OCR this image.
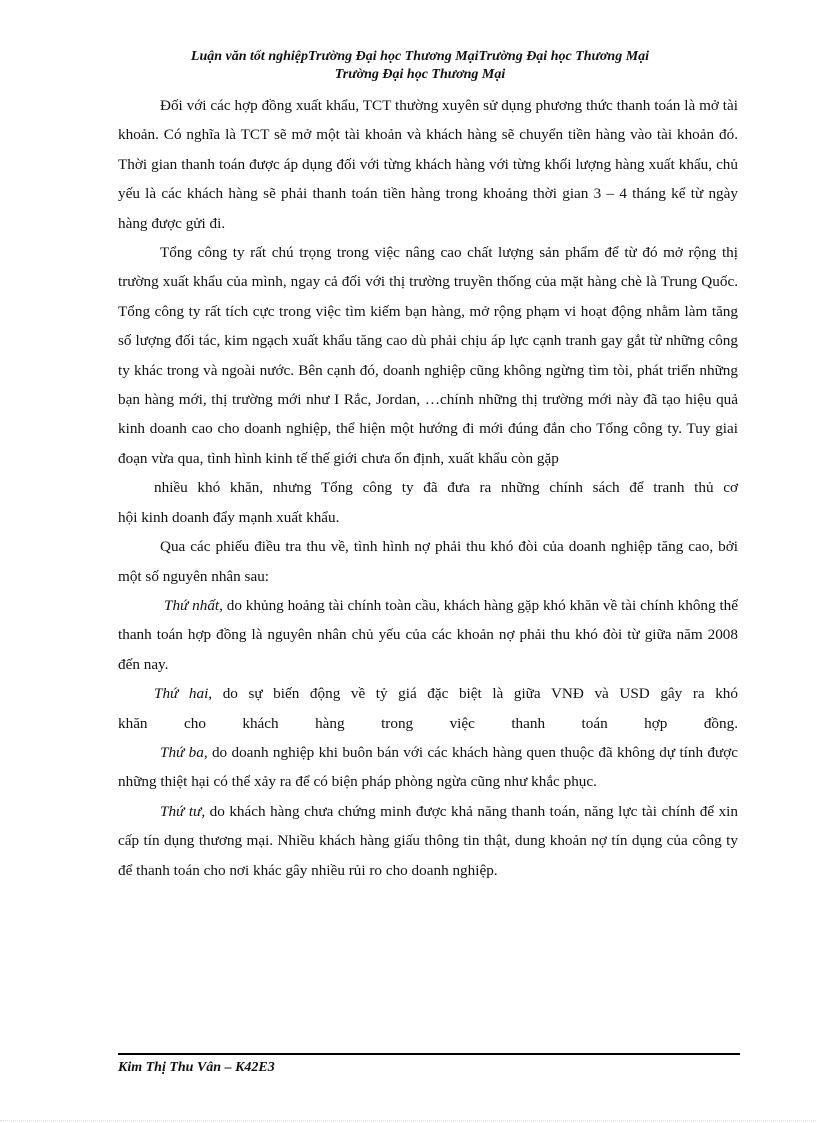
Luận văn tốt nghiệpTrường Đại học Thương MạiTrường Đại học Thương Mại
Trường Đại học Thương Mại

Đối với các hợp đồng xuất khẩu, TCT thường xuyên sử dụng phương thức thanh toán là mở tài khoản. Có nghĩa là TCT sẽ mở một tài khoản và khách hàng sẽ chuyển tiền hàng vào tài khoản đó. Thời gian thanh toán được áp dụng đối với từng khách hàng với từng khối lượng hàng xuất khẩu, chủ yếu là các khách hàng sẽ phải thanh toán tiền hàng trong khoảng thời gian 3 – 4 tháng kể từ ngày hàng được gửi đi.

Tổng công ty rất chú trọng trong việc nâng cao chất lượng sản phẩm để từ đó mở rộng thị trường xuất khẩu của mình, ngay cả đối với thị trường truyền thống của mặt hàng chè là Trung Quốc. Tổng công ty rất tích cực trong việc tìm kiếm bạn hàng, mở rộng phạm vi hoạt động nhằm làm tăng số lượng đối tác, kim ngạch xuất khẩu tăng cao dù phải chịu áp lực cạnh tranh gay gắt từ những công ty khác trong và ngoài nước. Bên cạnh đó, doanh nghiệp cũng không ngừng tìm tòi, phát triển những bạn hàng mới, thị trường mới như I Rắc, Jordan, …chính những thị trường mới này đã tạo hiệu quả kinh doanh cao cho doanh nghiệp, thể hiện một hướng đi mới đúng đắn cho Tổng công ty. Tuy giai đoạn vừa qua, tình hình kinh tế thế giới chưa ổn định, xuất khẩu còn gặp

nhiều khó khăn, nhưng Tổng công ty đã đưa ra những chính sách để tranh thủ cơ

hội kinh doanh đẩy mạnh xuất khẩu.

Qua các phiếu điều tra thu về, tình hình nợ phải thu khó đòi của doanh nghiệp tăng cao, bởi một số nguyên nhân sau:

Thứ nhất, do khủng hoảng tài chính toàn cầu, khách hàng gặp khó khăn về tài chính không thể thanh toán hợp đồng là nguyên nhân chủ yếu của các khoản nợ phải thu khó đòi từ giữa năm 2008 đến nay.

Thứ hai, do sự biến động về tỷ giá đặc biệt là giữa VNĐ và USD gây ra khó
khăn cho khách hàng trong việc thanh toán hợp đồng.

Thứ ba, do doanh nghiệp khi buôn bán với các khách hàng quen thuộc đã không dự tính được những thiệt hại có thể xảy ra để có biện pháp phòng ngừa cũng như khắc phục.

Thứ tư, do khách hàng chưa chứng minh được khả năng thanh toán, năng lực tài chính để xin cấp tín dụng thương mại. Nhiều khách hàng giấu thông tin thật, dung khoản nợ tín dụng của công ty để thanh toán cho nơi khác gây nhiều rủi ro cho doanh nghiệp.

Kim Thị Thu Vân – K42E3
